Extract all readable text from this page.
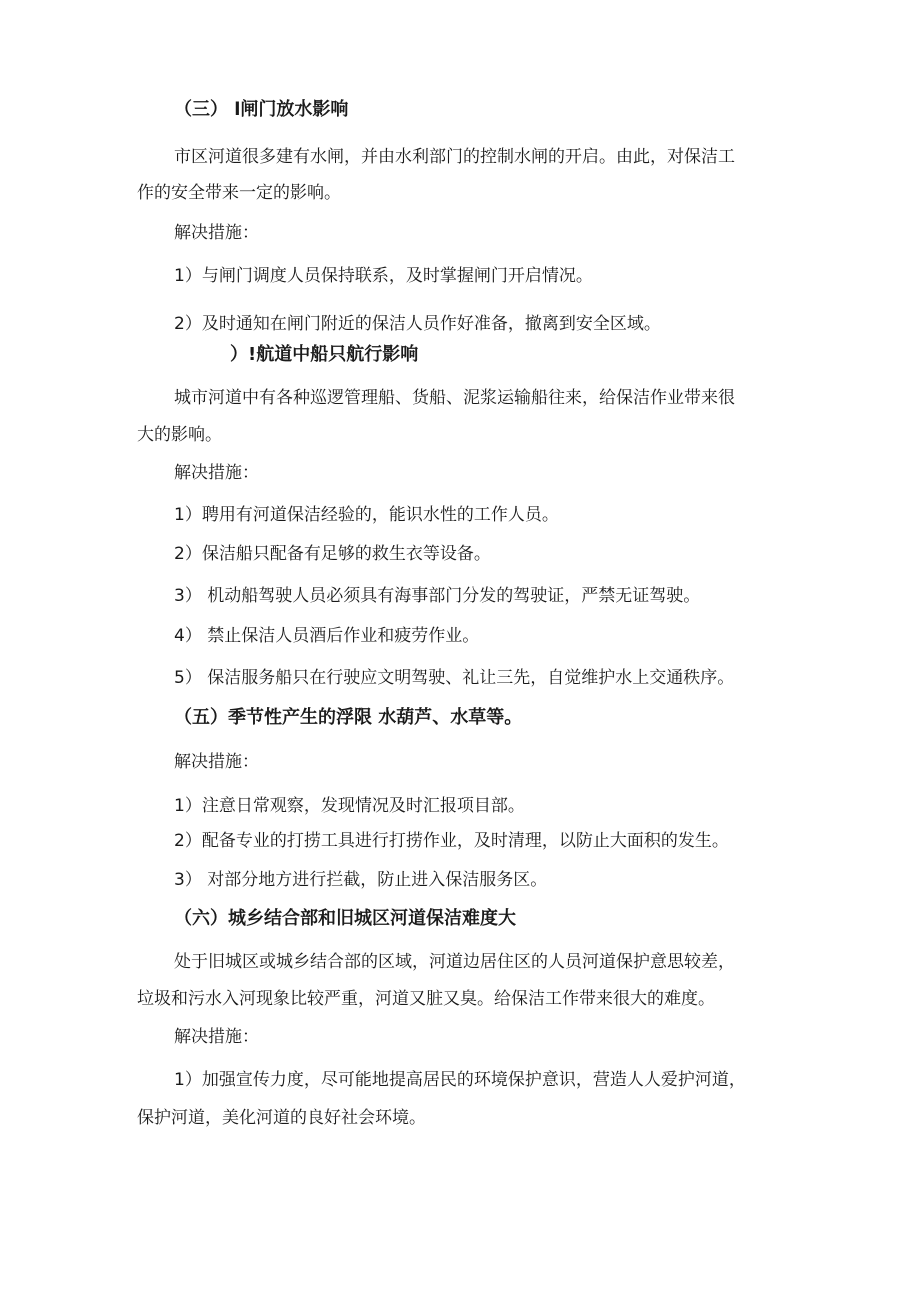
（三） l闸门放水影响
市区河道很多建有水闸，并由水利部门的控制水闸的开启。由此，对保洁工
作的安全带来一定的影响。
解决措施：
1）与闸门调度人员保持联系，及时掌握闸门开启情况。
2）及时通知在闸门附近的保洁人员作好准备，撤离到安全区域。
）!航道中船只航行影响
城市河道中有各种巡逻管理船、货船、泥浆运输船往来，给保洁作业带来很
大的影响。
解决措施：
1）聘用有河道保洁经验的，能识水性的工作人员。
2）保洁船只配备有足够的救生衣等设备。
3） 机动船驾驶人员必须具有海事部门分发的驾驶证，严禁无证驾驶。
4） 禁止保洁人员酒后作业和疲劳作业。
5） 保洁服务船只在行驶应文明驾驶、礼让三先，自觉维护水上交通秩序。
（五）季节性产生的浮限 水葫芦、水草等。
解决措施：
1）注意日常观察，发现情况及时汇报项目部。
2）配备专业的打捞工具进行打捞作业，及时清理，以防止大面积的发生。
3） 对部分地方进行拦截，防止进入保洁服务区。
（六）城乡结合部和旧城区河道保洁难度大
处于旧城区或城乡结合部的区域，河道边居住区的人员河道保护意思较差，
垃圾和污水入河现象比较严重，河道又脏又臭。给保洁工作带来很大的难度。
解决措施：
1）加强宣传力度，尽可能地提高居民的环境保护意识，营造人人爱护河道，
保护河道，美化河道的良好社会环境。
